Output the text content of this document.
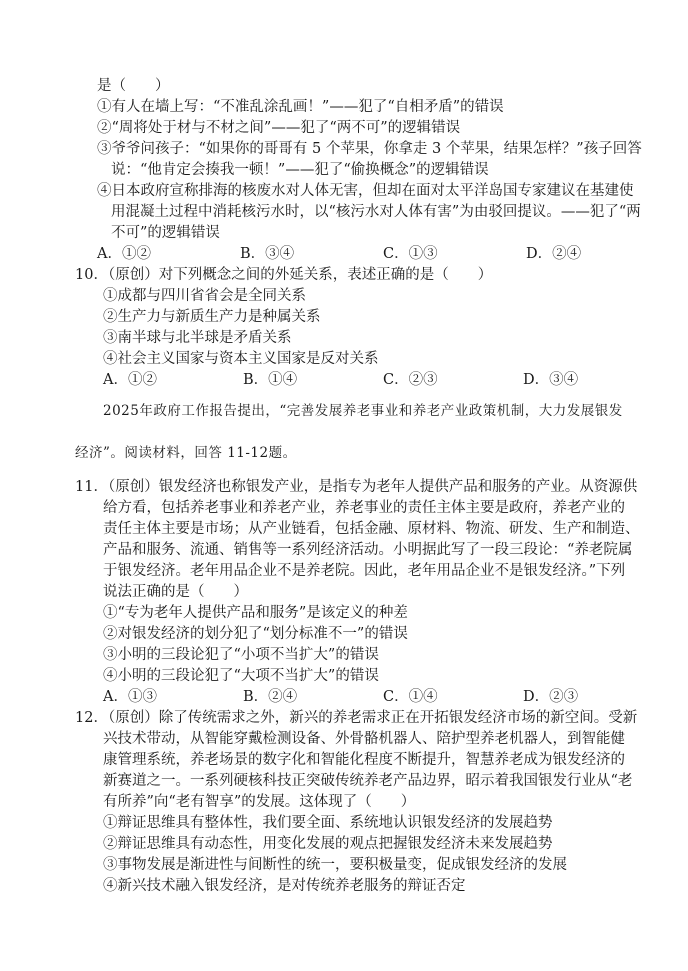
是（　　）
①有人在墙上写：“不准乱涂乱画！”——犯了“自相矛盾”的错误
②“周将处于材与不材之间”——犯了“两不可”的逻辑错误
③爷爷问孩子：“如果你的哥哥有 5 个苹果，你拿走 3 个苹果，结果怎样？”孩子回答
说：“他肯定会揍我一顿！”——犯了“偷换概念”的逻辑错误
④日本政府宣称排海的核废水对人体无害，但却在面对太平洋岛国专家建议在基建使
用混凝土过程中消耗核污水时，以“核污水对人体有害”为由驳回提议。——犯了“两
不可”的逻辑错误
A．①②	B．③④	C．①③	D．②④
10．（原创）对下列概念之间的外延关系，表述正确的是（　　）
①成都与四川省省会是全同关系
②生产力与新质生产力是种属关系
③南半球与北半球是矛盾关系
④社会主义国家与资本主义国家是反对关系
A．①②	B．①④	C．②③	D．③④
2025年政府工作报告提出，“完善发展养老事业和养老产业政策机制，大力发展银发
经济”。阅读材料，回答 11-12题。
11．（原创）银发经济也称银发产业，是指专为老年人提供产品和服务的产业。从资源供
给方看，包括养老事业和养老产业，养老事业的责任主体主要是政府，养老产业的
责任主体主要是市场；从产业链看，包括金融、原材料、物流、研发、生产和制造、
产品和服务、流通、销售等一系列经济活动。小明据此写了一段三段论：“养老院属
于银发经济。老年用品企业不是养老院。因此，老年用品企业不是银发经济。”下列
说法正确的是（　　）
①“专为老年人提供产品和服务”是该定义的种差
②对银发经济的划分犯了“划分标准不一”的错误
③小明的三段论犯了“小项不当扩大”的错误
④小明的三段论犯了“大项不当扩大”的错误
A．①③	B．②④	C．①④	D．②③
12．（原创）除了传统需求之外，新兴的养老需求正在开拓银发经济市场的新空间。受新
兴技术带动，从智能穿戴检测设备、外骨骼机器人、陪护型养老机器人，到智能健
康管理系统，养老场景的数字化和智能化程度不断提升，智慧养老成为银发经济的
新赛道之一。一系列硬核科技正突破传统养老产品边界，昭示着我国银发行业从“老
有所养”向“老有智享”的发展。这体现了（　　）
①辩证思维具有整体性，我们要全面、系统地认识银发经济的发展趋势
②辩证思维具有动态性，用变化发展的观点把握银发经济未来发展趋势
③事物发展是渐进性与间断性的统一，要积极量变，促成银发经济的发展
④新兴技术融入银发经济，是对传统养老服务的辩证否定
